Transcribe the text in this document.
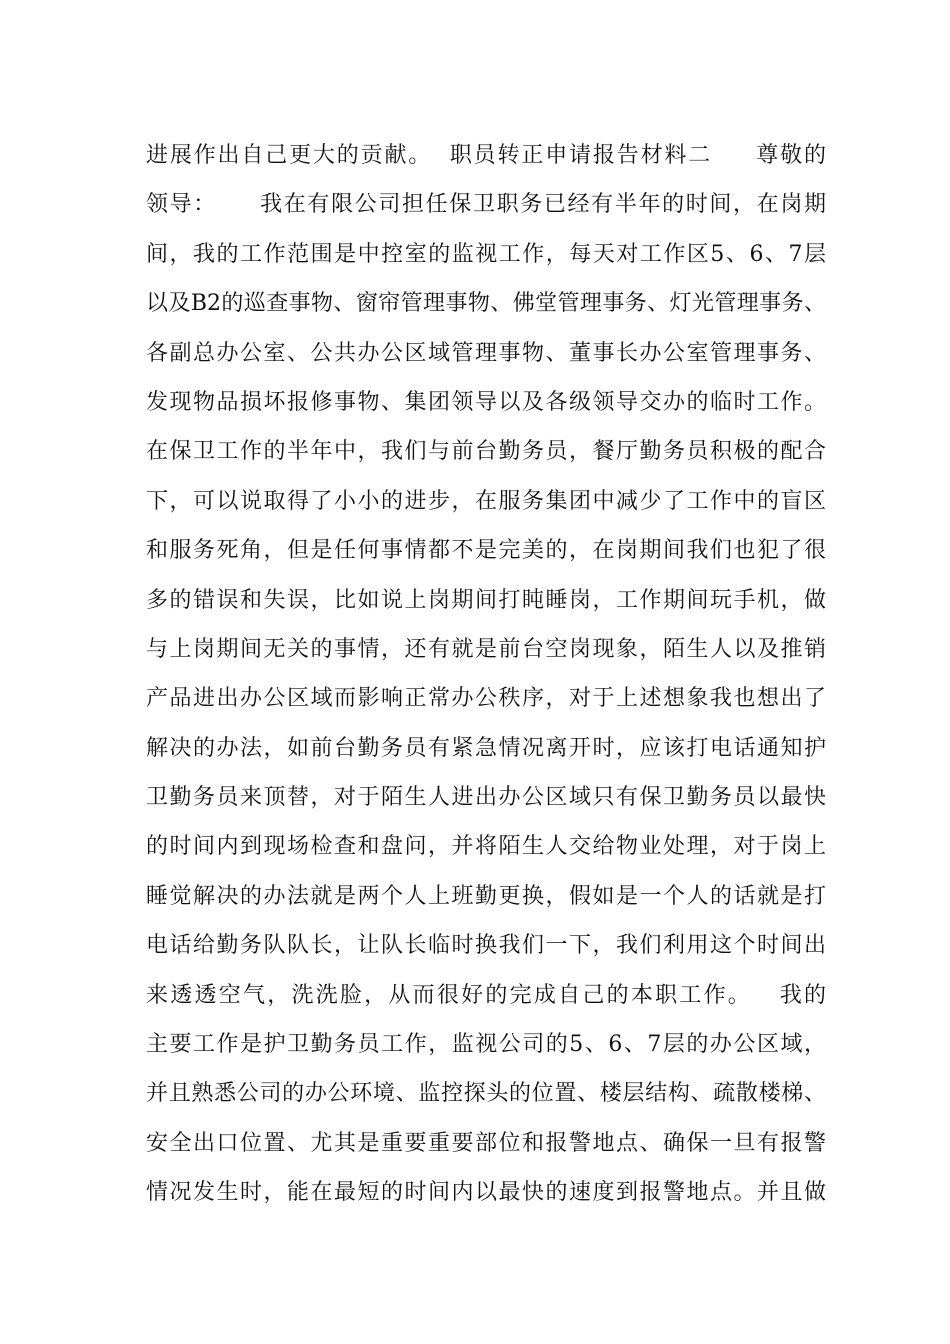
进展作出自己更大的贡献。  职员转正申请报告材料二     尊敬的
领导：     我在有限公司担任保卫职务已经有半年的时间，在岗期
间，我的工作范围是中控室的监视工作，每天对工作区5、6、7层
以及B2的巡查事物、窗帘管理事物、佛堂管理事务、灯光管理事务、
各副总办公室、公共办公区域管理事物、董事长办公室管理事务、
发现物品损坏报修事物、集团领导以及各级领导交办的临时工作。
在保卫工作的半年中，我们与前台勤务员，餐厅勤务员积极的配合
下，可以说取得了小小的进步，在服务集团中减少了工作中的盲区
和服务死角，但是任何事情都不是完美的，在岗期间我们也犯了很
多的错误和失误，比如说上岗期间打盹睡岗，工作期间玩手机，做
与上岗期间无关的事情，还有就是前台空岗现象，陌生人以及推销
产品进出办公区域而影响正常办公秩序，对于上述想象我也想出了
解决的办法，如前台勤务员有紧急情况离开时，应该打电话通知护
卫勤务员来顶替，对于陌生人进出办公区域只有保卫勤务员以最快
的时间内到现场检查和盘问，并将陌生人交给物业处理，对于岗上
睡觉解决的办法就是两个人上班勤更换，假如是一个人的话就是打
电话给勤务队队长，让队长临时换我们一下，我们利用这个时间出
来透透空气，洗洗脸，从而很好的完成自己的本职工作。   我的
主要工作是护卫勤务员工作，监视公司的5、6、7层的办公区域，
并且熟悉公司的办公环境、监控探头的位置、楼层结构、疏散楼梯、
安全出口位置、尤其是重要重要部位和报警地点、确保一旦有报警
情况发生时，能在最短的时间内以最快的速度到报警地点。并且做
